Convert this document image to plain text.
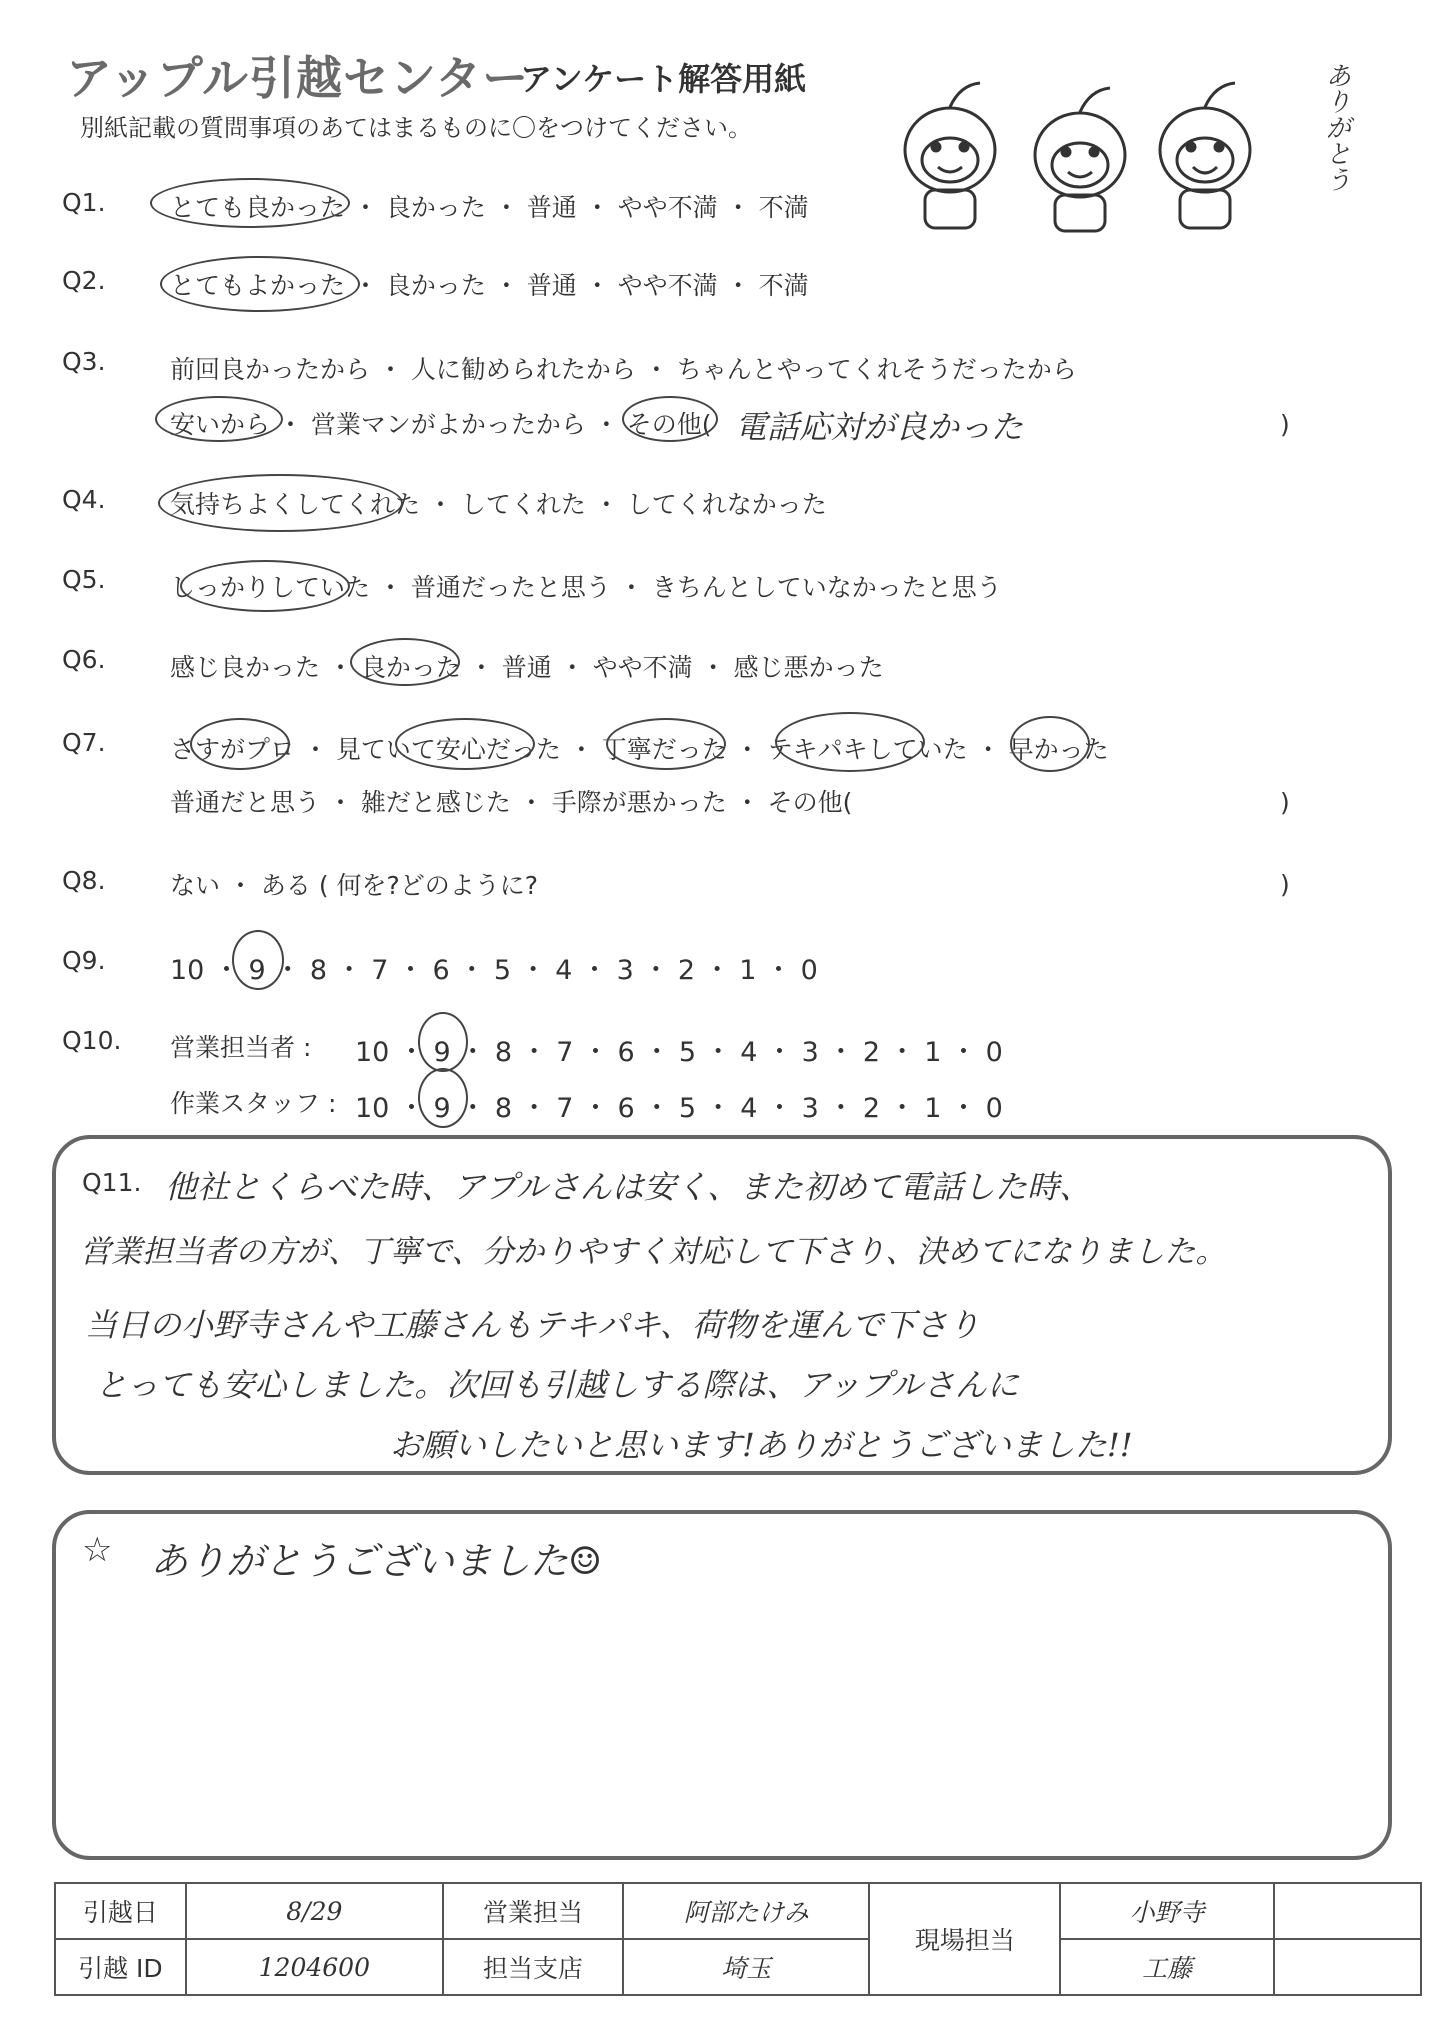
アップル引越センター
アンケート解答用紙
別紙記載の質問事項のあてはまるものに〇をつけてください。	ありがとう
Q1.	とても良かった ・ 良かった ・ 普通 ・ やや不満 ・ 不満
Q2.	とてもよかった ・ 良かった ・ 普通 ・ やや不満 ・ 不満
Q3.	前回良かったから ・ 人に勧められたから ・ ちゃんとやってくれそうだったから
安いから ・ 営業マンがよかったから ・ その他( 電話応対が良かった	)
Q4.	気持ちよくしてくれた ・ してくれた ・ してくれなかった
Q5.	しっかりしていた ・ 普通だったと思う ・ きちんとしていなかったと思う
Q6.	感じ良かった ・ 良かった ・ 普通 ・ やや不満 ・ 感じ悪かった
Q7.	さすがプロ ・ 見ていて安心だった ・ 丁寧だった ・ テキパキしていた ・ 早かった
普通だと思う ・ 雑だと感じた ・ 手際が悪かった ・ その他(	)
Q8.	ない ・ ある ( 何を?どのように?	)
Q9. 10 ・ 9 ・ 8 ・ 7 ・ 6 ・ 5 ・ 4 ・ 3 ・ 2 ・ 1 ・ 0
Q10. 営業担当者 : 10 ・ 9 ・ 8 ・ 7 ・ 6 ・ 5 ・ 4 ・ 3 ・ 2 ・ 1 ・ 0
作業スタッフ : 10 ・ 9 ・ 8 ・ 7 ・ 6 ・ 5 ・ 4 ・ 3 ・ 2 ・ 1 ・ 0
Q11. 他社とくらべた時、アプルさんは安く、また初めて電話した時、
営業担当者の方が、丁寧で、分かりやすく対応して下さり、決めてになりました。
当日の小野寺さんや工藤さんもテキパキ、荷物を運んで下さり
とっても安心しました。次回も引越しする際は、アップルさんに
お願いしたいと思います!ありがとうございました!!
☆ ありがとうございました☺
引越日	8/29	営業担当	阿部たけみ	現場担当	小野寺	
引越 ID	1204600	担当支店	埼玉		工藤	
